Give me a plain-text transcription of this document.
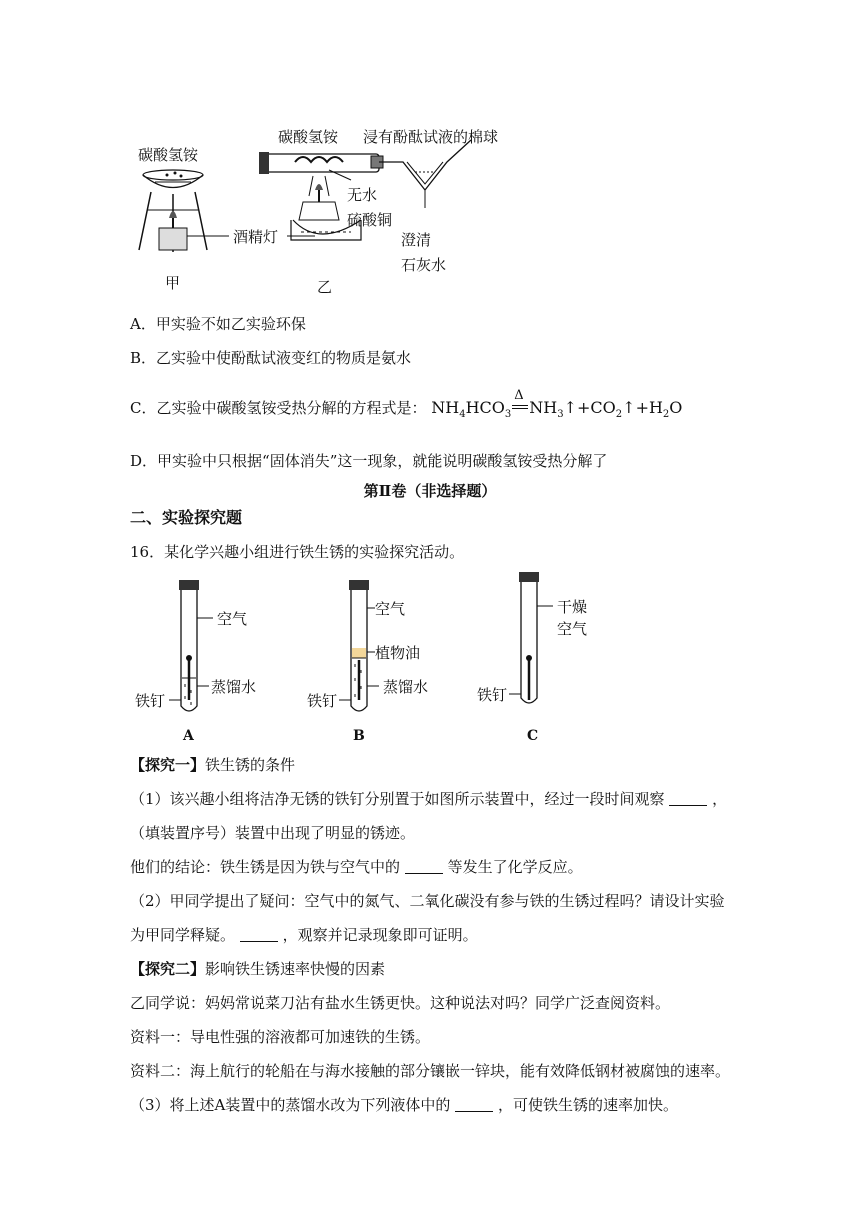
碳酸氢铵
酒精灯
甲
碳酸氢铵 浸有酚酞试液的棉球
无水
硫酸铜
澄清
石灰水
乙
A．甲实验不如乙实验环保
B．乙实验中使酚酞试液变红的物质是氨水
C．乙实验中碳酸氢铵受热分解的方程式是： $NH_4HCO_3$
Δ
$NH_3↑+CO_2↑+H_2O$
D．甲实验中只根据“固体消失”这一现象，就能说明碳酸氢铵受热分解了
第Ⅱ卷（非选择题）
二、实验探究题
16．某化学兴趣小组进行铁生锈的实验探究活动。
空气
蒸馏水
铁钉
A
空气
植物油
蒸馏水
铁钉
B
干燥
空气
铁钉
C
【探究一】铁生锈的条件
（1）该兴趣小组将洁净无锈的铁钉分别置于如图所示装置中，经过一段时间观察	，
（填装置序号）装置中出现了明显的锈迹。
他们的结论：铁生锈是因为铁与空气中的	等发生了化学反应。
（2）甲同学提出了疑问：空气中的氮气、二氧化碳没有参与铁的生锈过程吗？请设计实验
为甲同学释疑。	，观察并记录现象即可证明。
【探究二】影响铁生锈速率快慢的因素
乙同学说：妈妈常说菜刀沾有盐水生锈更快。这种说法对吗？同学广泛查阅资料。
资料一：导电性强的溶液都可加速铁的生锈。
资料二：海上航行的轮船在与海水接触的部分镶嵌一锌块，能有效降低钢材被腐蚀的速率。
（3）将上述A装置中的蒸馏水改为下列液体中的	，可使铁生锈的速率加快。
